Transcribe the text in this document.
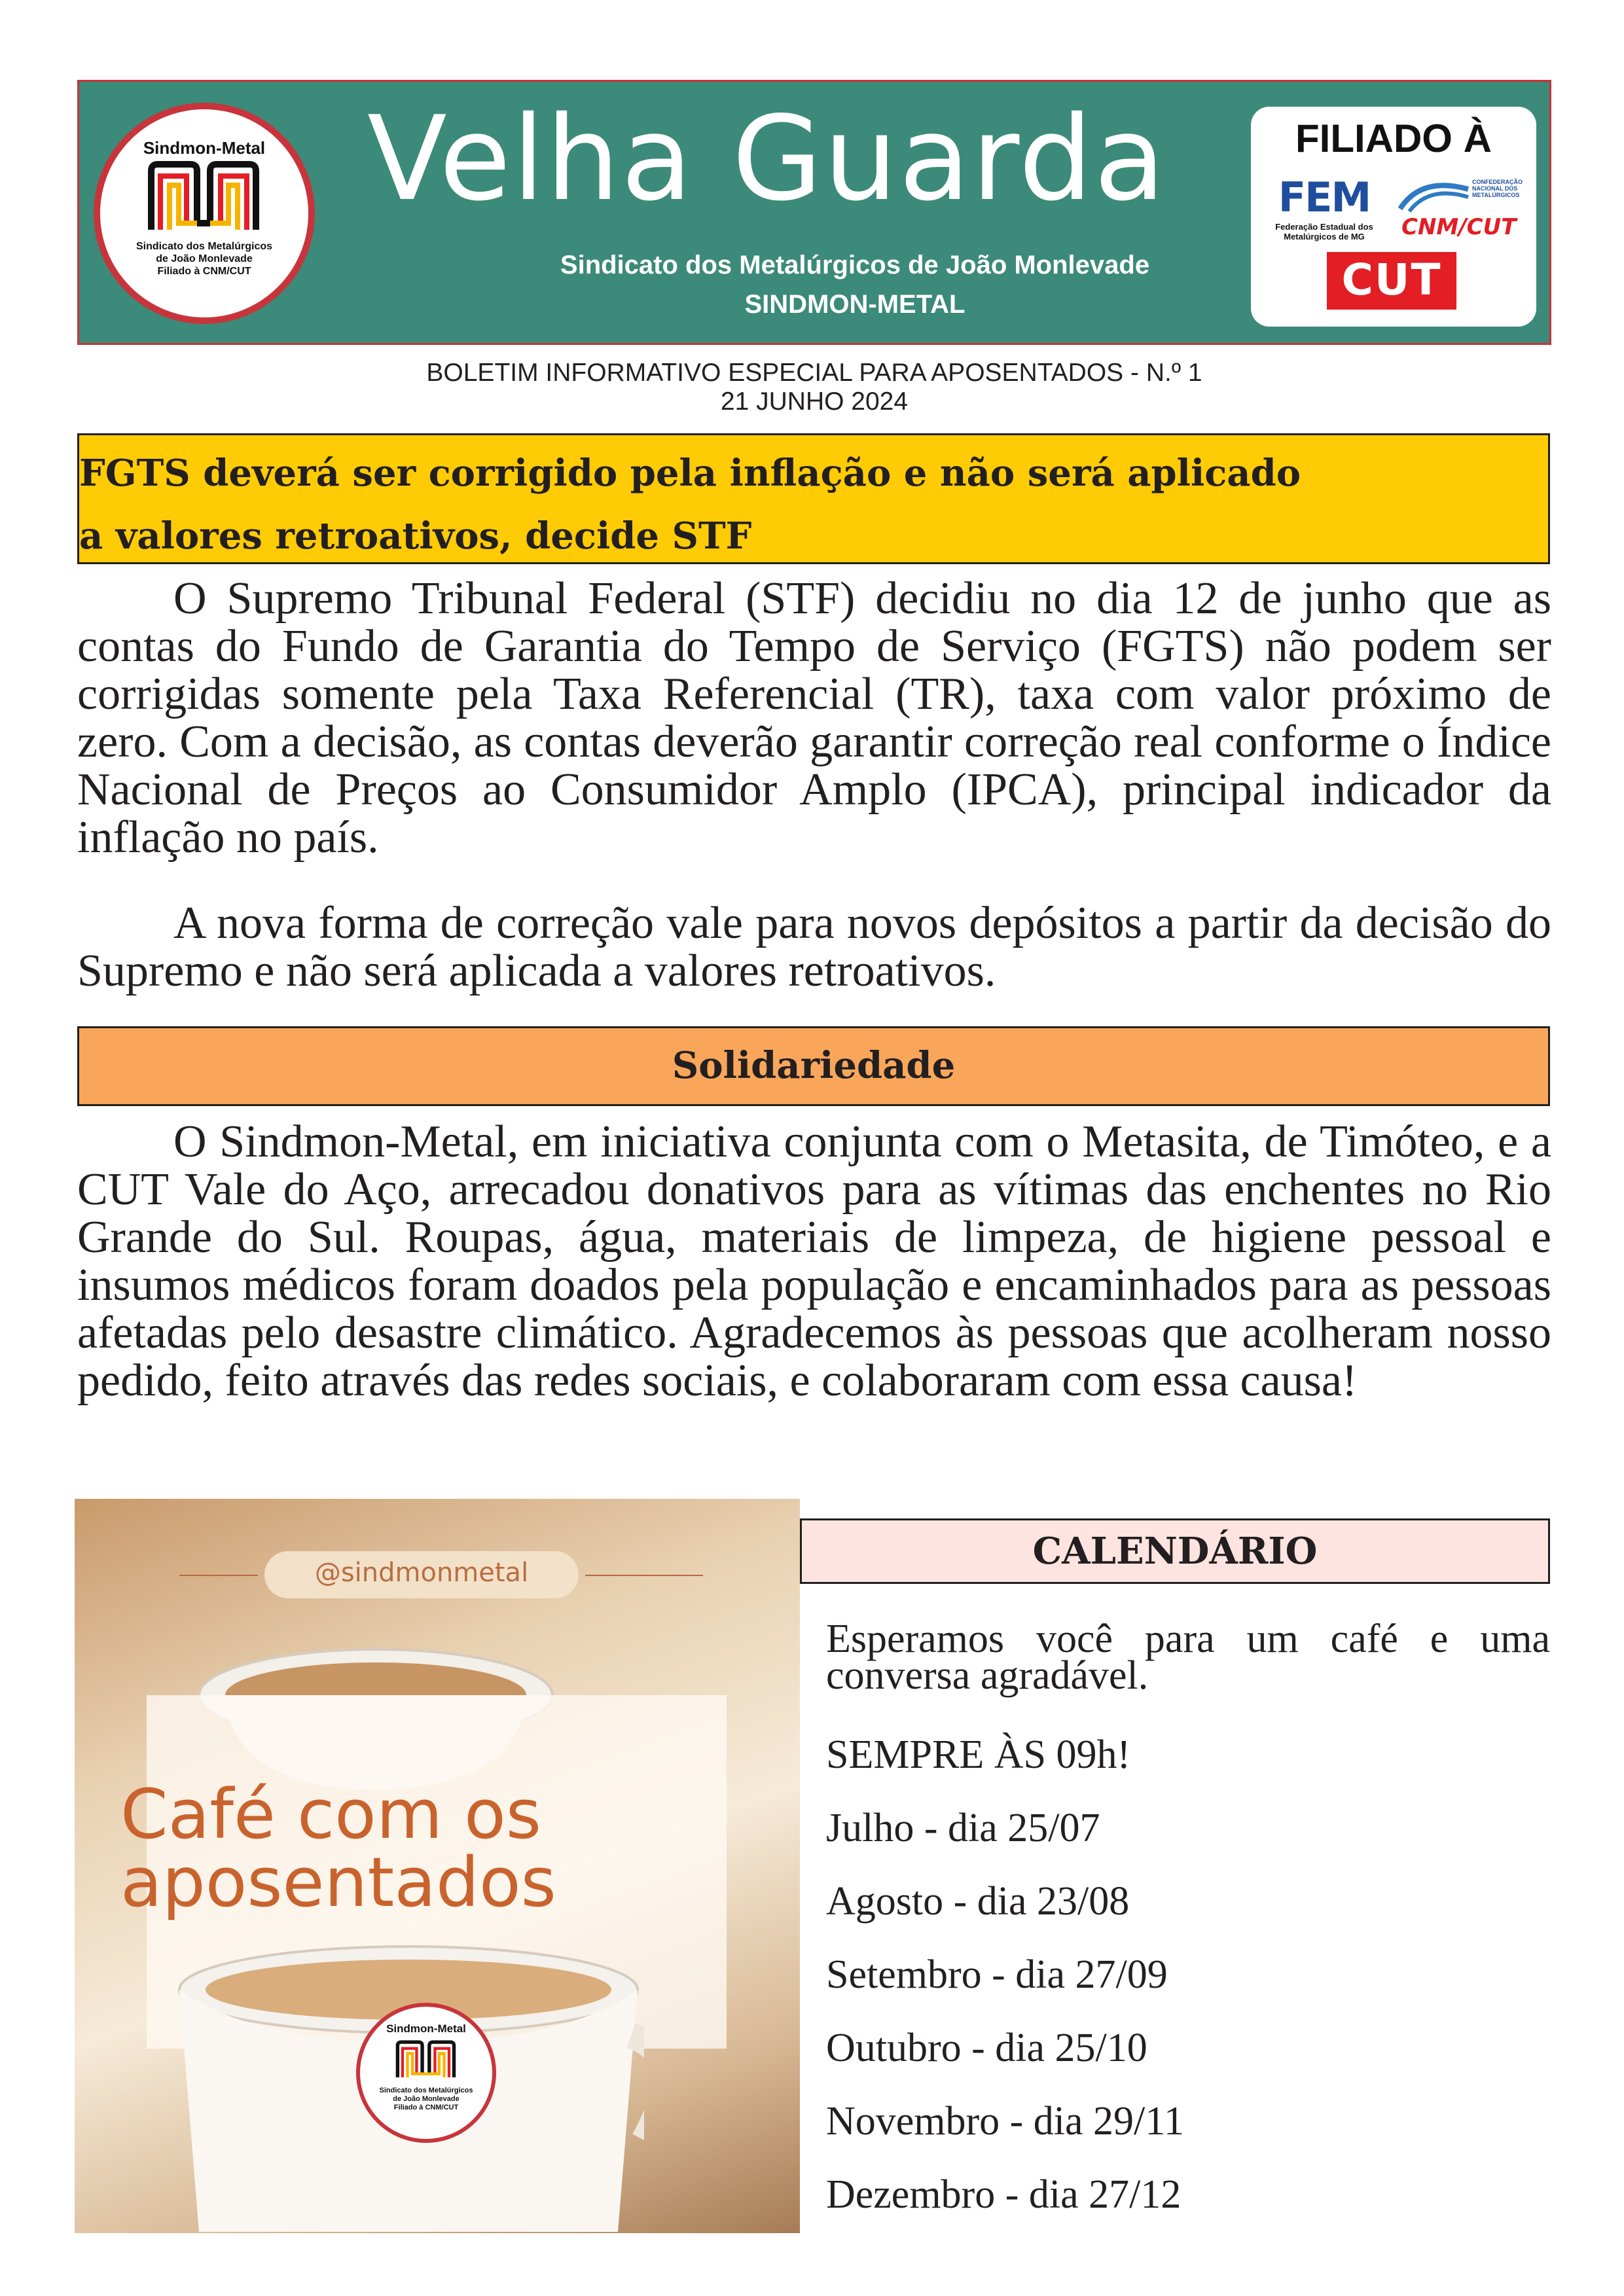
Sindmon-Metal
Sindicato dos Metalúrgicos
de João Monlevade
Filiado à CNM/CUT
Velha Guarda
Sindicato dos Metalúrgicos de João Monlevade
SINDMON-METAL
FILIADO À
FEM
Federação Estadual dos
Metalúrgicos de MG
CONFEDERAÇÃO
NACIONAL DOS
METALÚRGICOS
CNM/CUT
CUT
BOLETIM INFORMATIVO ESPECIAL PARA APOSENTADOS - N.º 1
21 JUNHO 2024
FGTS deverá ser corrigido pela inflação e não será aplicado
a valores retroativos, decide STF
O Supremo Tribunal Federal (STF) decidiu no dia 12 de junho que as contas do Fundo de Garantia do Tempo de Serviço (FGTS) não podem ser corrigidas somente pela Taxa Referencial (TR), taxa com valor próximo de zero. Com a decisão, as contas deverão garantir correção real conforme o Índice Nacional de Preços ao Consumidor Amplo (IPCA), principal indicador da inflação no país.
A nova forma de correção vale para novos depósitos a partir da decisão do Supremo e não será aplicada a valores retroativos.
Solidariedade
O Sindmon-Metal, em iniciativa conjunta com o Metasita, de Timóteo, e a CUT Vale do Aço, arrecadou donativos para as vítimas das enchentes no Rio Grande do Sul. Roupas, água, materiais de limpeza, de higiene pessoal e insumos médicos foram doados pela população e encaminhados para as pessoas afetadas pelo desastre climático. Agradecemos às pessoas que acolheram nosso pedido, feito através das redes sociais, e colaboraram com essa causa!
@sindmonmetal
Café com os
aposentados
Sindmon-Metal
Sindicato dos Metalúrgicos
de João Monlevade
Filiado à CNM/CUT
CALENDÁRIO
Esperamos você para um café e uma conversa agradável.
SEMPRE ÀS 09h!
Julho - dia 25/07
Agosto - dia 23/08
Setembro - dia 27/09
Outubro - dia 25/10
Novembro - dia 29/11
Dezembro - dia 27/12
